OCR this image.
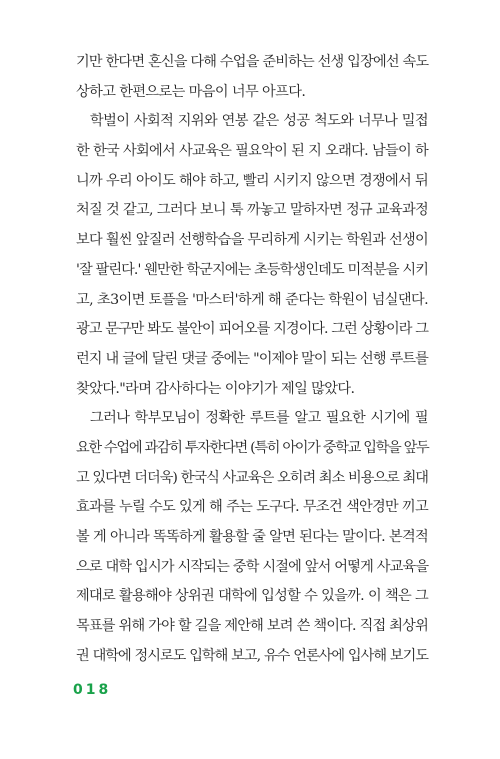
기만 한다면 혼신을 다해 수업을 준비하는 선생 입장에선 속도
상하고 한편으로는 마음이 너무 아프다.
학벌이 사회적 지위와 연봉 같은 성공 척도와 너무나 밀접
한 한국 사회에서 사교육은 필요악이 된 지 오래다. 남들이 하
니까 우리 아이도 해야 하고, 빨리 시키지 않으면 경쟁에서 뒤
처질 것 같고, 그러다 보니 툭 까놓고 말하자면 정규 교육과정
보다 훨씬 앞질러 선행학습을 무리하게 시키는 학원과 선생이
'잘 팔린다.' 웬만한 학군지에는 초등학생인데도 미적분을 시키
고, 초3이면 토플을 '마스터'하게 해 준다는 학원이 넘실댄다.
광고 문구만 봐도 불안이 피어오를 지경이다. 그런 상황이라 그
런지 내 글에 달린 댓글 중에는 "이제야 말이 되는 선행 루트를
찾았다."라며 감사하다는 이야기가 제일 많았다.
그러나 학부모님이 정확한 루트를 알고 필요한 시기에 필
요한 수업에 과감히 투자한다면 (특히 아이가 중학교 입학을 앞두
고 있다면 더더욱) 한국식 사교육은 오히려 최소 비용으로 최대
효과를 누릴 수도 있게 해 주는 도구다. 무조건 색안경만 끼고
볼 게 아니라 똑똑하게 활용할 줄 알면 된다는 말이다. 본격적
으로 대학 입시가 시작되는 중학 시절에 앞서 어떻게 사교육을
제대로 활용해야 상위권 대학에 입성할 수 있을까. 이 책은 그
목표를 위해 가야 할 길을 제안해 보려 쓴 책이다. 직접 최상위
권 대학에 정시로도 입학해 보고, 유수 언론사에 입사해 보기도
018
